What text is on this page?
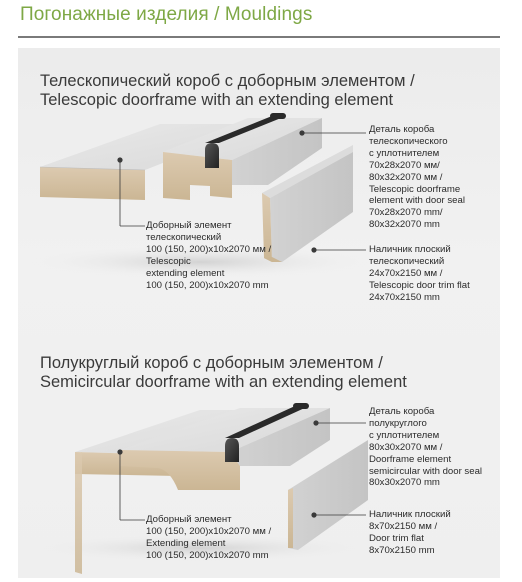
Погонажные изделия / Mouldings
Телескопический короб с доборным элементом /
Telescopic doorframe with an extending element
Деталь короба
телескопического
с уплотнителем
70x28x2070 мм/
80x32x2070 мм /
Telescopic doorframe
element with door seal
70x28x2070 mm/
80x32x2070 mm
Доборный элемент
телескопический
100 (150, 200)x10x2070 мм /
Telescopic
extending element
100 (150, 200)x10x2070 mm
Наличник плоский
телескопический
24x70x2150 мм /
Telescopic door trim flat
24x70x2150 mm
Полукруглый короб с доборным элементом /
Semicircular doorframe with an extending element
Деталь короба
полукруглого
с уплотнителем
80x30x2070 мм /
Doorframe element
semicircular with door seal
80x30x2070 mm
Доборный элемент
100 (150, 200)x10x2070 мм /
Extending element
100 (150, 200)x10x2070 mm
Наличник плоский
8x70x2150 мм /
Door trim flat
8x70x2150 mm
